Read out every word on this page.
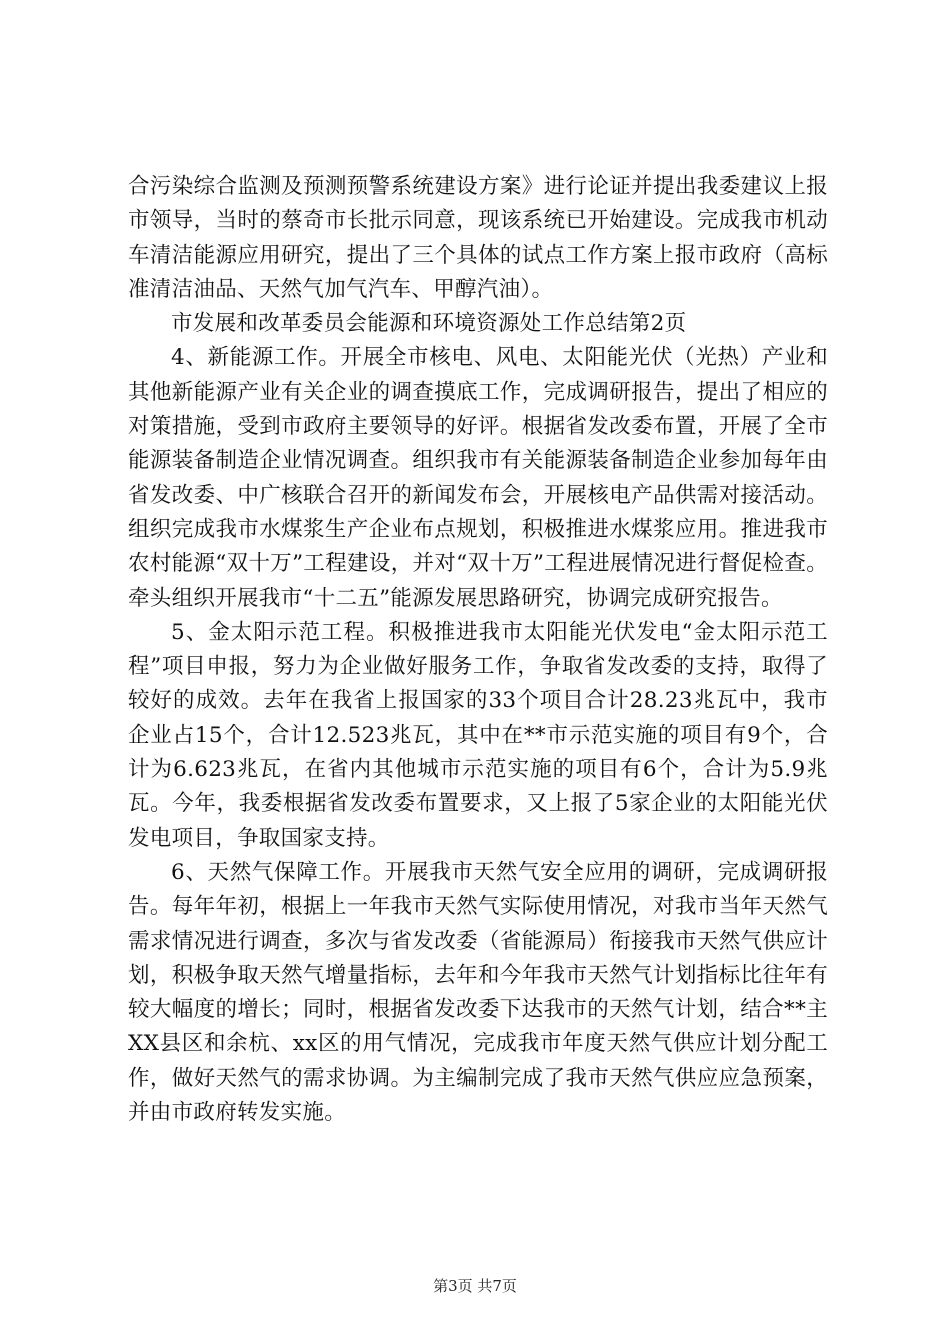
合污染综合监测及预测预警系统建设方案》进行论证并提出我委建议上报市领导，当时的蔡奇市长批示同意，现该系统已开始建设。完成我市机动车清洁能源应用研究，提出了三个具体的试点工作方案上报市政府（高标准清洁油品、天然气加气汽车、甲醇汽油）。

市发展和改革委员会能源和环境资源处工作总结第2页

4、新能源工作。开展全市核电、风电、太阳能光伏（光热）产业和其他新能源产业有关企业的调查摸底工作，完成调研报告，提出了相应的对策措施，受到市政府主要领导的好评。根据省发改委布置，开展了全市能源装备制造企业情况调查。组织我市有关能源装备制造企业参加每年由省发改委、中广核联合召开的新闻发布会，开展核电产品供需对接活动。组织完成我市水煤浆生产企业布点规划，积极推进水煤浆应用。推进我市农村能源“双十万”工程建设，并对“双十万”工程进展情况进行督促检查。牵头组织开展我市“十二五”能源发展思路研究，协调完成研究报告。

5、金太阳示范工程。积极推进我市太阳能光伏发电“金太阳示范工程”项目申报，努力为企业做好服务工作，争取省发改委的支持，取得了较好的成效。去年在我省上报国家的33个项目合计28.23兆瓦中，我市企业占15个，合计12.523兆瓦，其中在**市示范实施的项目有9个，合计为6.623兆瓦，在省内其他城市示范实施的项目有6个，合计为5.9兆瓦。今年，我委根据省发改委布置要求，又上报了5家企业的太阳能光伏发电项目，争取国家支持。

6、天然气保障工作。开展我市天然气安全应用的调研，完成调研报告。每年年初，根据上一年我市天然气实际使用情况，对我市当年天然气需求情况进行调查，多次与省发改委（省能源局）衔接我市天然气供应计划，积极争取天然气增量指标，去年和今年我市天然气计划指标比往年有较大幅度的增长；同时，根据省发改委下达我市的天然气计划，结合**主XX县区和余杭、xx区的用气情况，完成我市年度天然气供应计划分配工作，做好天然气的需求协调。为主编制完成了我市天然气供应应急预案，并由市政府转发实施。

第3页 共7页
